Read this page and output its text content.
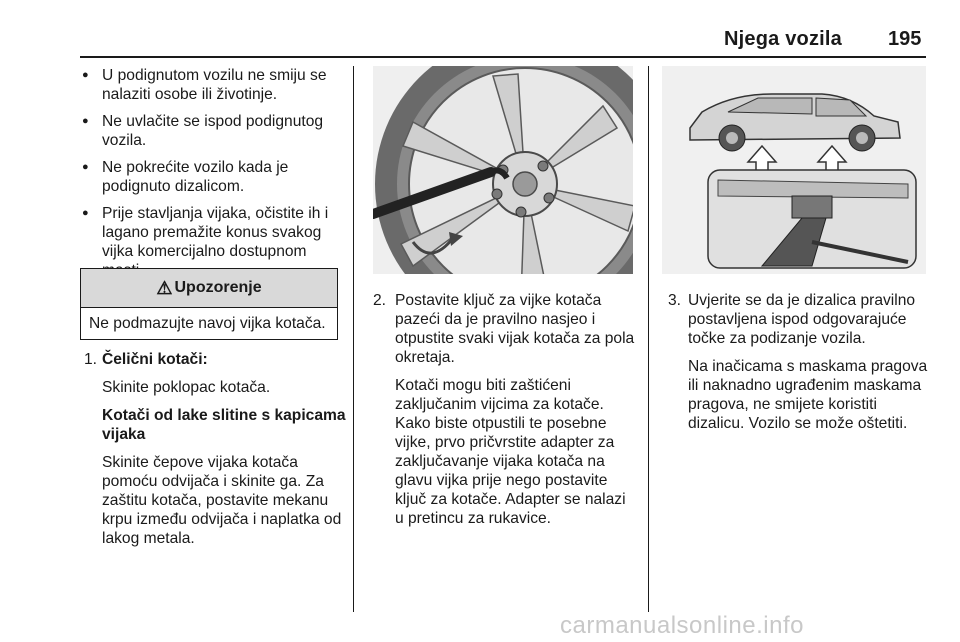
Njega vozila 195
● U podignutom vozilu ne smiju se nalaziti osobe ili životinje.
● Ne uvlačite se ispod podignutog vozila.
● Ne pokrećite vozilo kada je podignuto dizalicom.
● Prije stavljanja vijaka, očistite ih i lagano premažite konus svakog vijka komercijalno dostupnom
⚠ Upozorenje
Ne podmazujte navoj vijka kotača.
1. Čelični kotači:

Skinite poklopac kotača.

Kotači od lake slitine s kapicama vijaka

Skinite čepove vijaka kotača pomoću odvijača i skinite ga. Za zaštitu kotača, postavite mekanu krpu između odvijača i naplatka od lakog metala.

2. Postavite ključ za vijke kotača pazeći da je pravilno nasjeo i otpustite svaki vijak kotača za pola okretaja.

Kotači mogu biti zaštićeni zaključanim vijcima za kotače. Kako biste otpustili te posebne vijke, prvo pričvrstite adapter za zaključavanje vijaka kotača na glavu vijka prije nego postavite ključ za kotače. Adapter se nalazi u pretincu za rukavice.

3. Uvjerite se da je dizalica pravilno postavljena ispod odgovarajuće točke za podizanje vozila.

Na inačicama s maskama pragova ili naknadno ugrađenim maskama pragova, ne smijete koristiti dizalicu. Vozilo se može oštetiti.

carmanualsonline.info
